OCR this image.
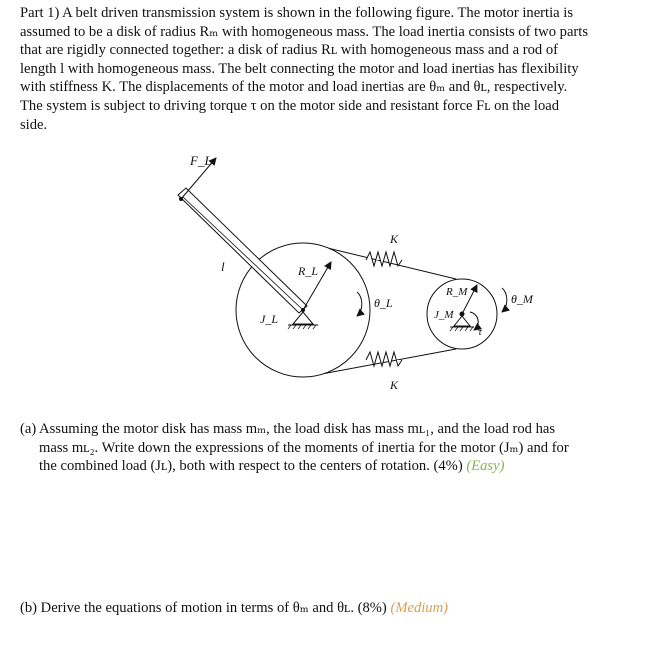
Part 1) A belt driven transmission system is shown in the following figure. The motor inertia is
assumed to be a disk of radius Rₘ with homogeneous mass. The load inertia consists of two parts
that are rigidly connected together: a disk of radius Rʟ with homogeneous mass and a rod of
length l with homogeneous mass. The belt connecting the motor and load inertias has flexibility
with stiffness K. The displacements of the motor and load inertias are θₘ and θʟ, respectively.
The system is subject to driving torque τ on the motor side and resistant force Fʟ on the load
side.
F_L
l	R_L
J_L
θ_L
K
K
R_M
J_M
θ_M
τ
(a) Assuming the motor disk has mass mₘ, the load disk has mass mʟ₁, and the load rod has
mass mʟ₂. Write down the expressions of the moments of inertia for the motor (Jₘ) and for
the combined load (Jʟ), both with respect to the centers of rotation. (4%) (Easy)
(b) Derive the equations of motion in terms of θₘ and θʟ. (8%) (Medium)
